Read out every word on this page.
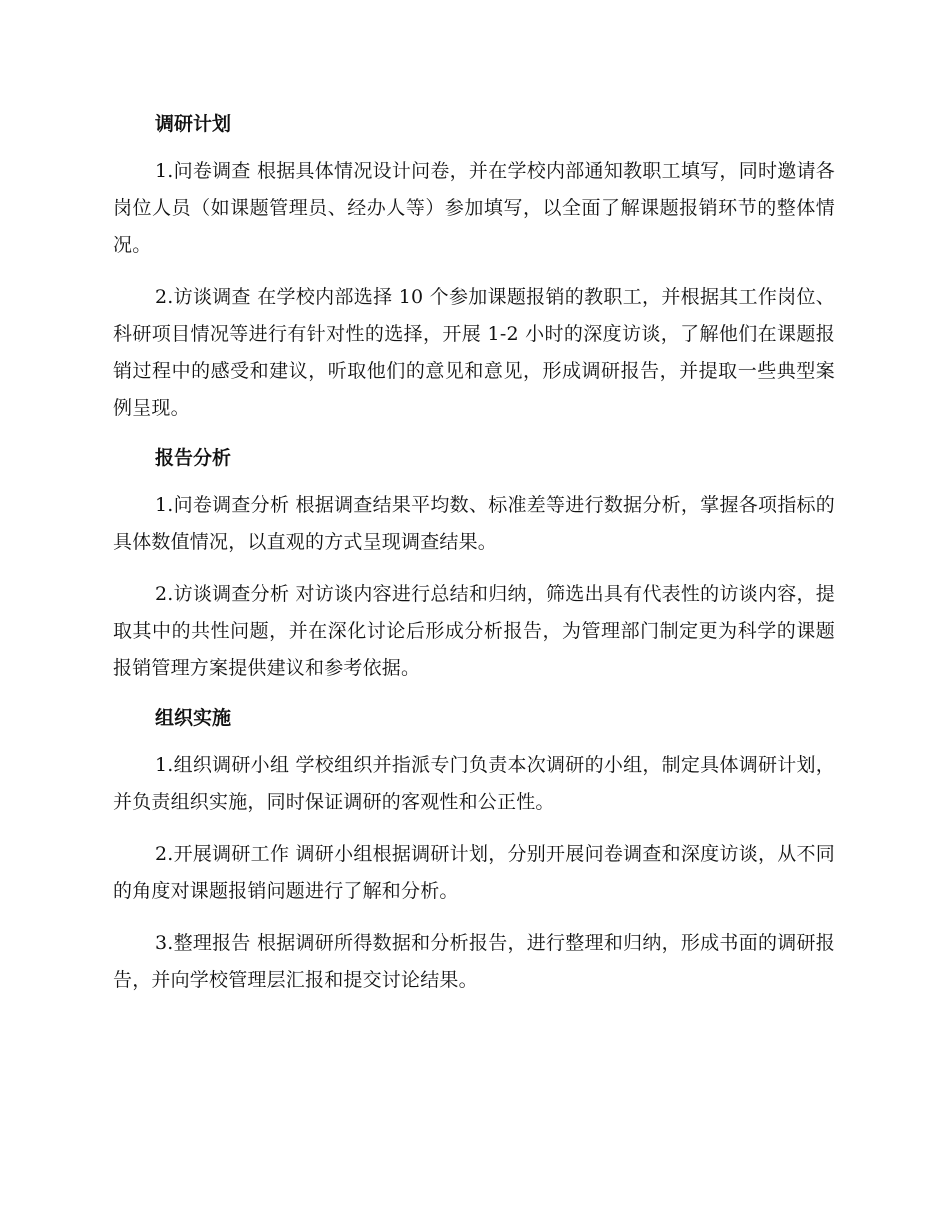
调研计划

1.问卷调查 根据具体情况设计问卷，并在学校内部通知教职工填写，同时邀请各岗位人员（如课题管理员、经办人等）参加填写，以全面了解课题报销环节的整体情况。

2.访谈调查 在学校内部选择 10 个参加课题报销的教职工，并根据其工作岗位、科研项目情况等进行有针对性的选择，开展 1-2 小时的深度访谈，了解他们在课题报销过程中的感受和建议，听取他们的意见和意见，形成调研报告，并提取一些典型案例呈现。

报告分析

1.问卷调查分析 根据调查结果平均数、标准差等进行数据分析，掌握各项指标的具体数值情况，以直观的方式呈现调查结果。

2.访谈调查分析 对访谈内容进行总结和归纳，筛选出具有代表性的访谈内容，提取其中的共性问题，并在深化讨论后形成分析报告，为管理部门制定更为科学的课题报销管理方案提供建议和参考依据。

组织实施

1.组织调研小组 学校组织并指派专门负责本次调研的小组，制定具体调研计划，并负责组织实施，同时保证调研的客观性和公正性。

2.开展调研工作 调研小组根据调研计划，分别开展问卷调查和深度访谈，从不同的角度对课题报销问题进行了解和分析。

3.整理报告 根据调研所得数据和分析报告，进行整理和归纳，形成书面的调研报告，并向学校管理层汇报和提交讨论结果。
